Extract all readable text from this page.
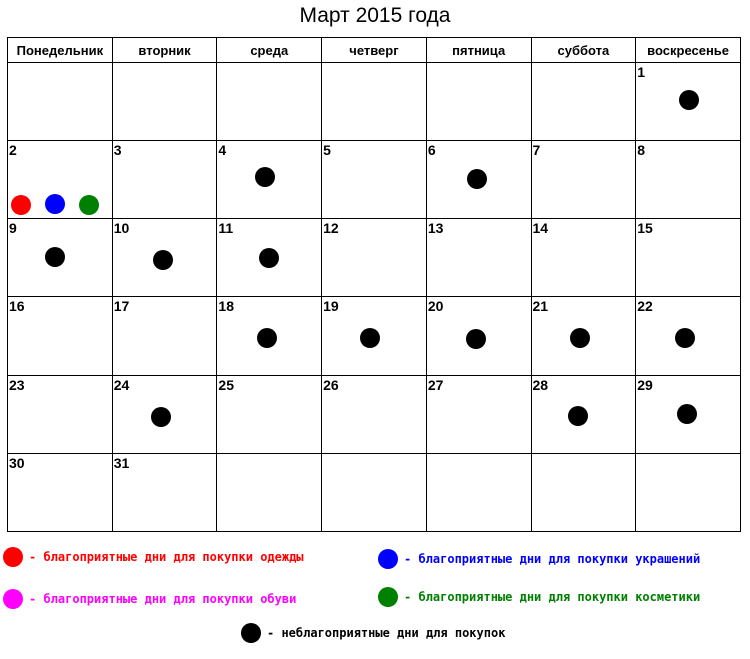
Март 2015 года
Понедельник	вторник	среда	четверг	пятница	суббота	воскресенье

						1

2	3	4	5	6	7	8

9	10	11	12	13	14	15

16	17	18	19	20	21	22

23	24	25	26	27	28	29

30	31					

- благоприятные дни для покупки одежды	- благоприятные дни для покупки украшений
- благоприятные дни для покупки обуви	- благоприятные дни для покупки косметики
- неблагоприятные дни для покупок
